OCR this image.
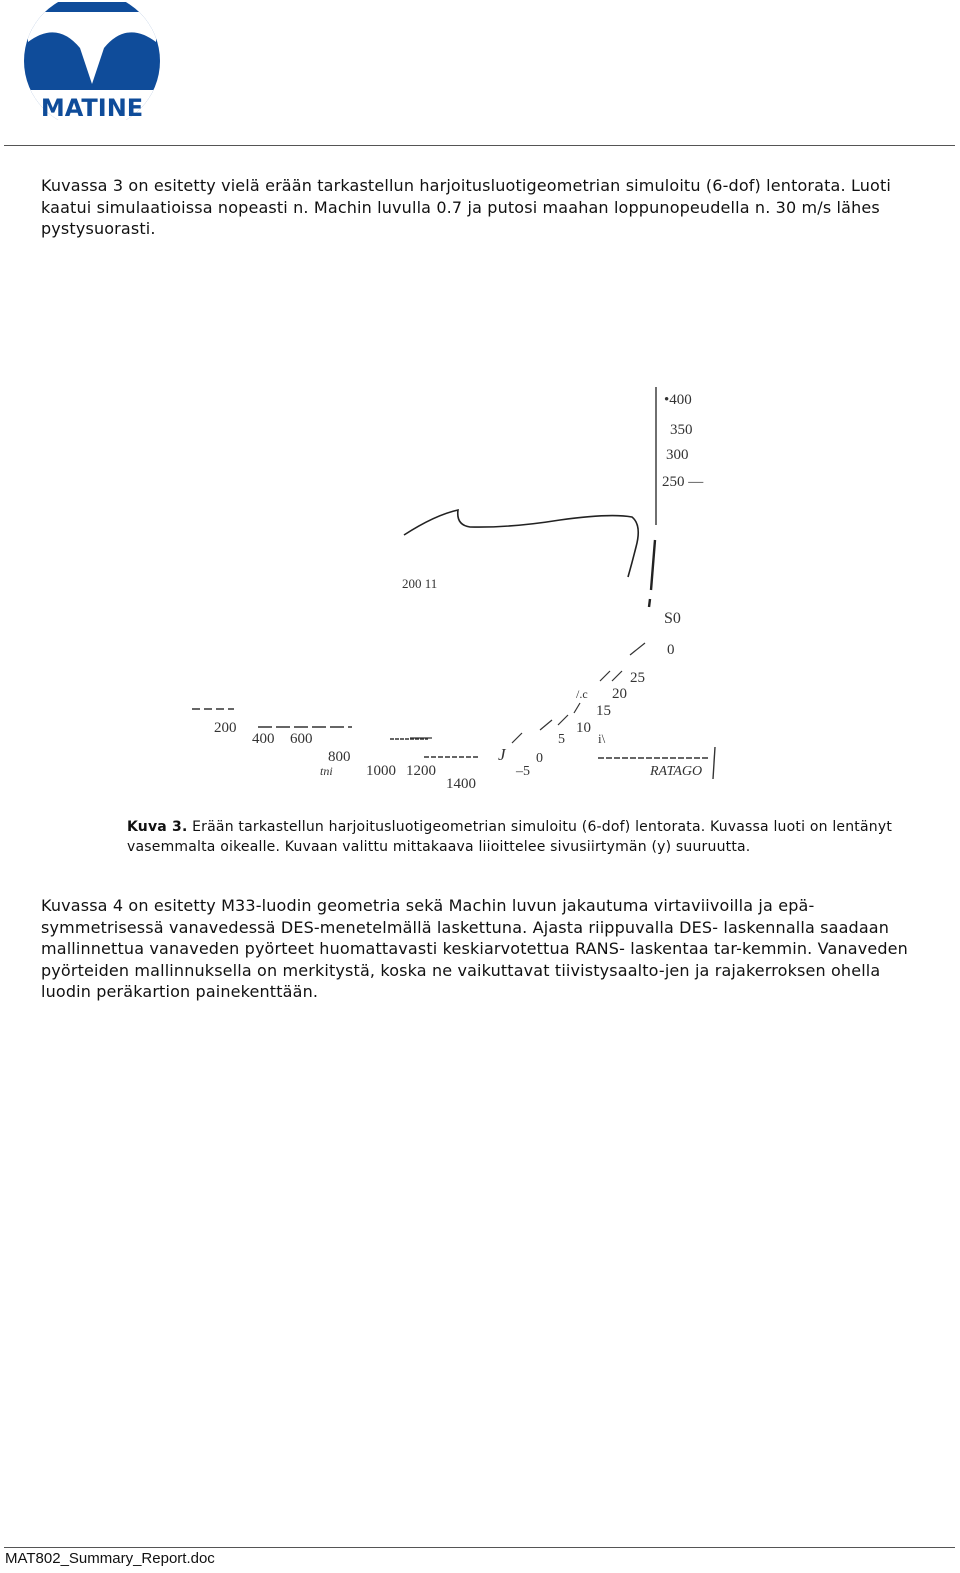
MATINE

Kuvassa 3 on esitetty vielä erään tarkastellun harjoitusluotigeometrian simuloitu (6-dof) lentorata. Luoti kaatui simulaatioissa nopeasti n. Machin luvulla 0.7 ja putosi maahan loppunopeudella n. 30 m/s lähes pystysuorasti.

•400
350
300
250 —
200 11
S0
0
25
/.c 20
15
10
5	i\
200
400 600
800
tni 1000 1200
1400
J 0
–5	RATAGO

Kuva 3. Erään tarkastellun harjoitusluotigeometrian simuloitu (6-dof) lentorata. Kuvassa luoti on lentänyt vasemmalta oikealle. Kuvaan valittu mittakaava liioittelee sivusiirtymän (y) suuruutta.

Kuvassa 4 on esitetty M33-luodin geometria sekä Machin luvun jakautuma virtaviivoilla ja epä-symmetrisessä vanavedessä DES-menetelmällä laskettuna. Ajasta riippuvalla DES- laskennalla saadaan mallinnettua vanaveden pyörteet huomattavasti keskiarvotettua RANS- laskentaa tar-kemmin. Vanaveden pyörteiden mallinnuksella on merkitystä, koska ne vaikuttavat tiivistysaalto-jen ja rajakerroksen ohella luodin peräkartion painekenttään.

MAT802_Summary_Report.doc
